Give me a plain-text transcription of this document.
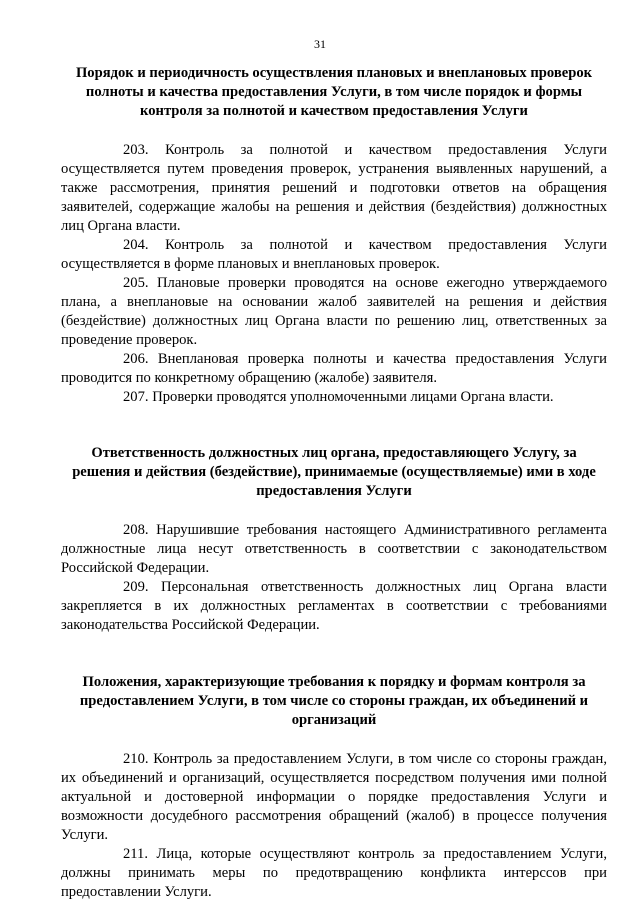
31
Порядок и периодичность осуществления плановых и внеплановых проверок полноты и качества предоставления Услуги, в том числе порядок и формы контроля за полнотой и качеством предоставления Услуги

203. Контроль за полнотой и качеством предоставления Услуги осуществляется путем проведения проверок, устранения выявленных нарушений, а также рассмотрения, принятия решений и подготовки ответов на обращения заявителей, содержащие жалобы на решения и действия (бездействия) должностных лиц Органа власти.

204. Контроль за полнотой и качеством предоставления Услуги осуществляется в форме плановых и внеплановых проверок.

205. Плановые проверки проводятся на основе ежегодно утверждаемого плана, а внеплановые на основании жалоб заявителей на решения и действия (бездействие) должностных лиц Органа власти по решению лиц, ответственных за проведение проверок.

206. Внеплановая проверка полноты и качества предоставления Услуги проводится по конкретному обращению (жалобе) заявителя.

207. Проверки проводятся уполномоченными лицами Органа власти.

Ответственность должностных лиц органа, предоставляющего Услугу, за решения и действия (бездействие), принимаемые (осуществляемые) ими в ходе предоставления Услуги

208. Нарушившие требования настоящего Административного регламента должностные лица несут ответственность в соответствии с законодательством Российской Федерации.

209. Персональная ответственность должностных лиц Органа власти закрепляется в их должностных регламентах в соответствии с требованиями законодательства Российской Федерации.

Положения, характеризующие требования к порядку и формам контроля за предоставлением Услуги, в том числе со стороны граждан, их объединений и организаций

210. Контроль за предоставлением Услуги, в том числе со стороны граждан, их объединений и организаций, осуществляется посредством получения ими полной актуальной и достоверной информации о порядке предоставления Услуги и возможности досудебного рассмотрения обращений (жалоб) в процессе получения Услуги.

211. Лица, которые осуществляют контроль за предоставлением Услуги, должны принимать меры по предотвращению конфликта интерссов при предоставлении Услуги.
